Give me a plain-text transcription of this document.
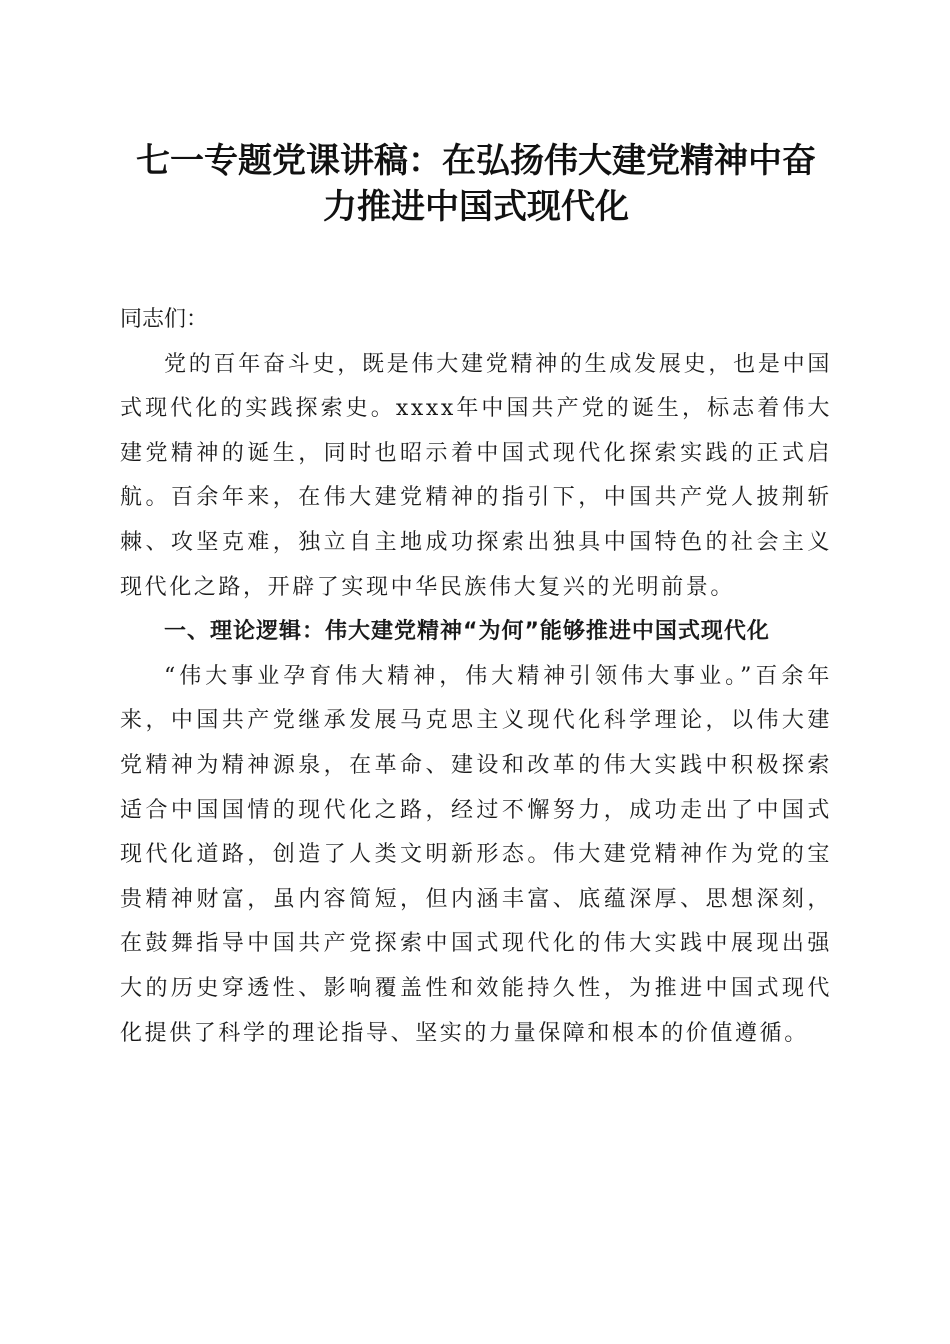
七一专题党课讲稿：在弘扬伟大建党精神中奋力推进中国式现代化
同志们：

党的百年奋斗史，既是伟大建党精神的生成发展史，也是中国式现代化的实践探索史。xxxx年中国共产党的诞生，标志着伟大建党精神的诞生，同时也昭示着中国式现代化探索实践的正式启航。百余年来，在伟大建党精神的指引下，中国共产党人披荆斩棘、攻坚克难，独立自主地成功探索出独具中国特色的社会主义现代化之路，开辟了实现中华民族伟大复兴的光明前景。

一、理论逻辑：伟大建党精神“为何”能够推进中国式现代化

“伟大事业孕育伟大精神，伟大精神引领伟大事业。”百余年来，中国共产党继承发展马克思主义现代化科学理论，以伟大建党精神为精神源泉，在革命、建设和改革的伟大实践中积极探索适合中国国情的现代化之路，经过不懈努力，成功走出了中国式现代化道路，创造了人类文明新形态。伟大建党精神作为党的宝贵精神财富，虽内容简短，但内涵丰富、底蕴深厚、思想深刻，在鼓舞指导中国共产党探索中国式现代化的伟大实践中展现出强大的历史穿透性、影响覆盖性和效能持久性，为推进中国式现代化提供了科学的理论指导、坚实的力量保障和根本的价值遵循。
